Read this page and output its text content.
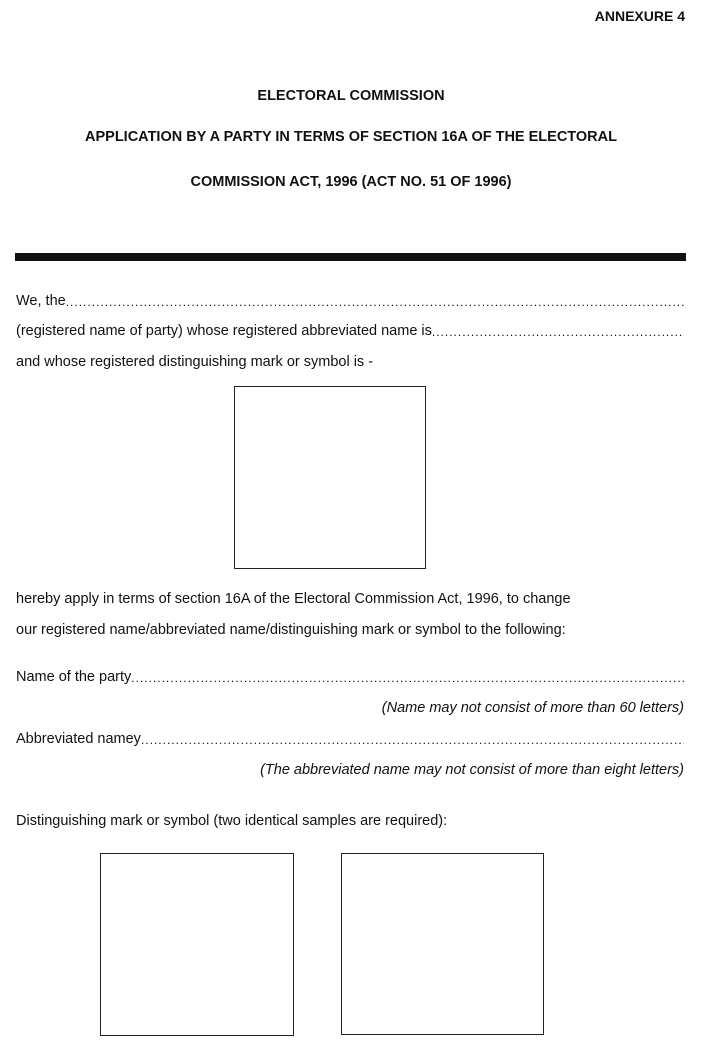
ANNEXURE 4
ELECTORAL COMMISSION
APPLICATION BY A PARTY IN TERMS OF SECTION 16A OF THE ELECTORAL
COMMISSION ACT, 1996 (ACT NO. 51 OF 1996)
We, the
.....
(registered name of party) whose registered abbreviated name is
.....
and whose registered distinguishing mark or symbol is -
hereby apply in terms of section 16A of the Electoral Commission Act, 1996, to change
our registered name/abbreviated name/distinguishing mark or symbol to the following:
Name of the party
.....
(Name may not consist of more than 60 letters)
Abbreviated namey
.....
(The abbreviated name may not consist of more than eight letters)
Distinguishing mark or symbol (two identical samples are required):
